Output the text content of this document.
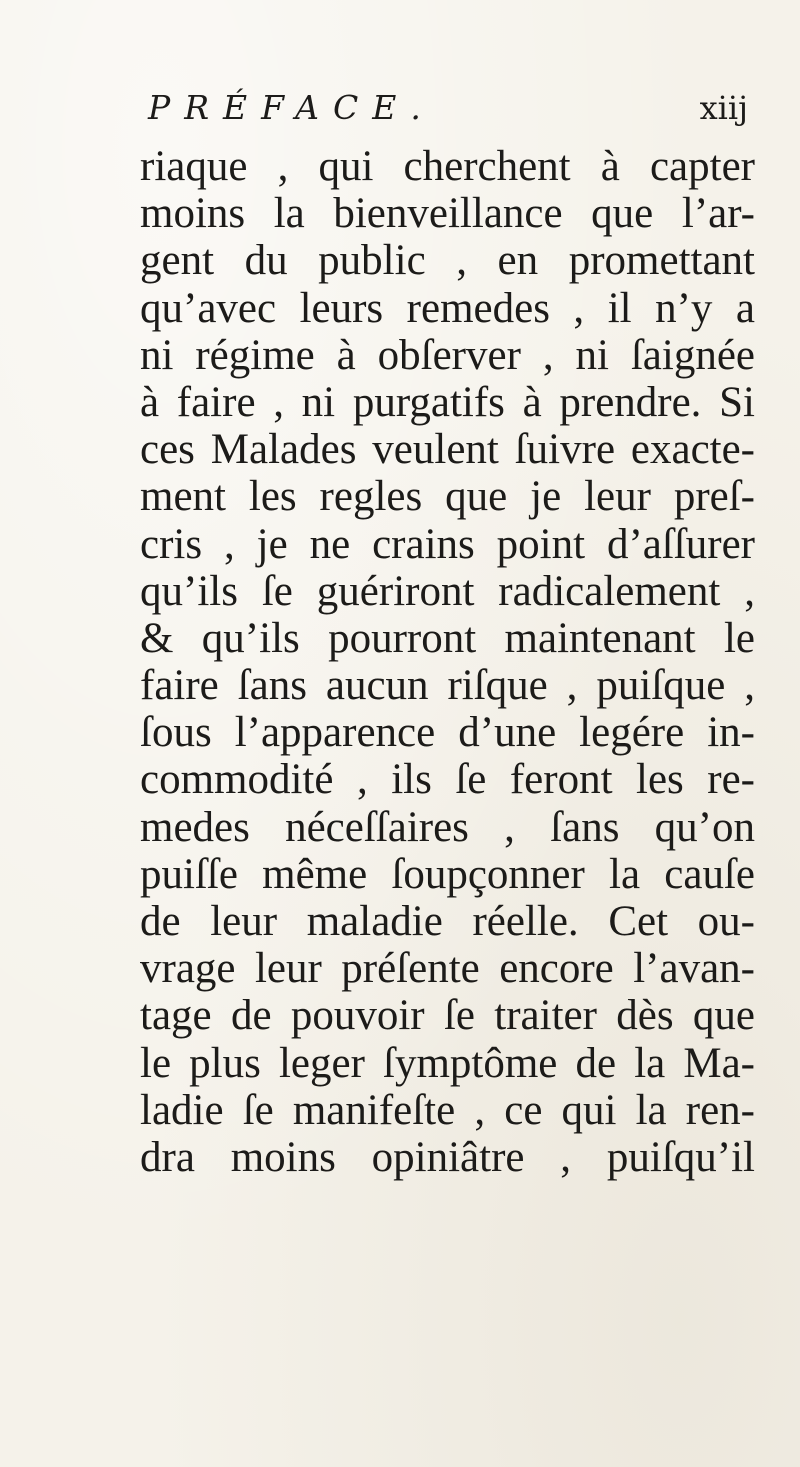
PRÉFACE.	xiij
riaque , qui cherchent à capter
moins la bienveillance que l’ar-
gent du public , en promettant
qu’avec leurs remedes , il n’y a
ni régime à obſerver , ni ſaignée
à faire , ni purgatifs à prendre. Si
ces Malades veulent ſuivre exacte-
ment les regles que je leur preſ-
cris , je ne crains point d’aſſurer
qu’ils ſe guériront radicalement ,
& qu’ils pourront maintenant le
faire ſans aucun riſque , puiſque ,
ſous l’apparence d’une legére in-
commodité , ils ſe feront les re-
medes néceſſaires , ſans qu’on
puiſſe même ſoupçonner la cauſe
de leur maladie réelle. Cet ou-
vrage leur préſente encore l’avan-
tage de pouvoir ſe traiter dès que
le plus leger ſymptôme de la Ma-
ladie ſe manifeſte , ce qui la ren-
dra moins opiniâtre , puiſqu’il
